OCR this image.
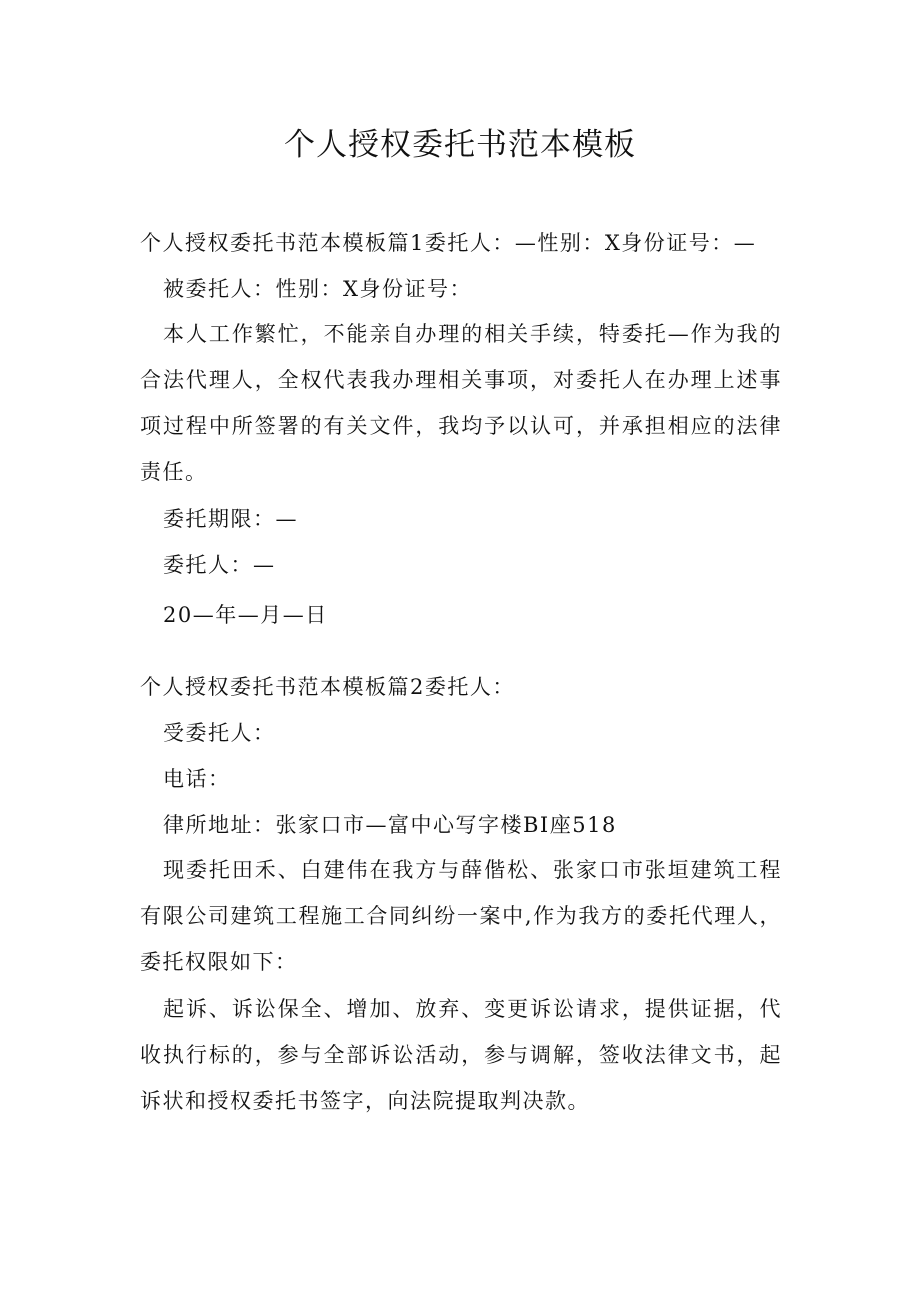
个人授权委托书范本模板
个人授权委托书范本模板篇1委托人：—性别：X身份证号：—
被委托人：性别：X身份证号：

本人工作繁忙，不能亲自办理的相关手续，特委托—作为我的合法代理人，全权代表我办理相关事项，对委托人在办理上述事项过程中所签署的有关文件，我均予以认可，并承担相应的法律责任。

委托期限：—
委托人：—
20—年—月—日
个人授权委托书范本模板篇2委托人：
受委托人：
电话：
律所地址：张家口市—富中心写字楼BI座518

现委托田禾、白建伟在我方与薛偕松、张家口市张垣建筑工程有限公司建筑工程施工合同纠纷一案中,作为我方的委托代理人，委托权限如下：

起诉、诉讼保全、增加、放弃、变更诉讼请求，提供证据，代收执行标的，参与全部诉讼活动，参与调解，签收法律文书，起诉状和授权委托书签字，向法院提取判决款。
